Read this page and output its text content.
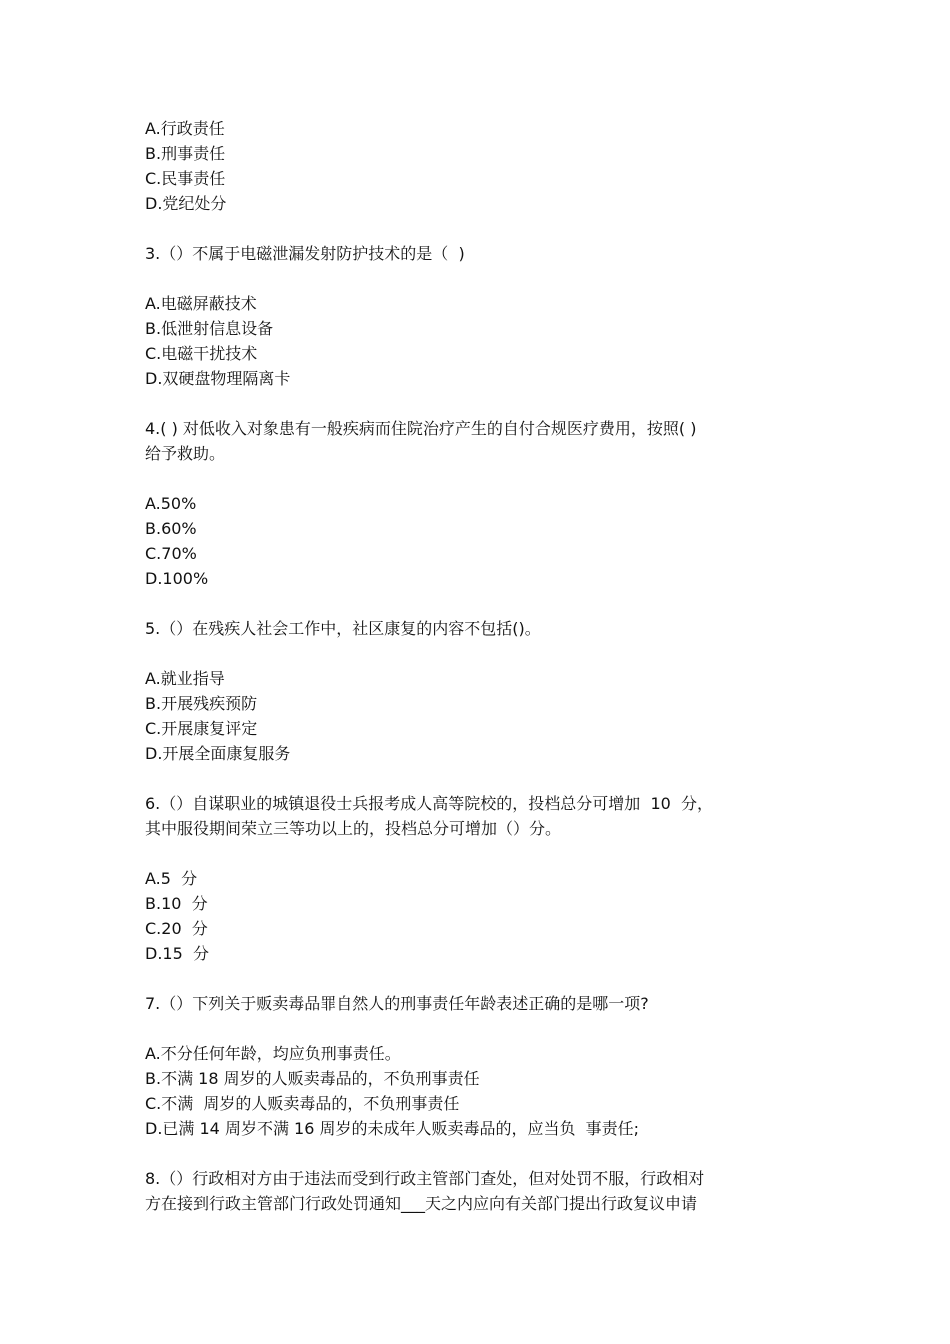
A.行政责任
B.刑事责任
C.民事责任
D.党纪处分
3.（）不属于电磁泄漏发射防护技术的是（  )
A.电磁屏蔽技术
B.低泄射信息设备
C.电磁干扰技术
D.双硬盘物理隔离卡
4.( ) 对低收入对象患有一般疾病而住院治疗产生的自付合规医疗费用，按照( )
给予救助。
A.50%
B.60%
C.70%
D.100%
5.（）在残疾人社会工作中，社区康复的内容不包括()。
A.就业指导
B.开展残疾预防
C.开展康复评定
D.开展全面康复服务
6.（）自谋职业的城镇退役士兵报考成人高等院校的，投档总分可增加  10  分，
其中服役期间荣立三等功以上的，投档总分可增加（）分。
A.5  分
B.10  分
C.20  分
D.15  分
7.（）下列关于贩卖毒品罪自然人的刑事责任年龄表述正确的是哪一项?
A.不分任何年龄，均应负刑事责任。
B.不满 18 周岁的人贩卖毒品的，不负刑事责任
C.不满  周岁的人贩卖毒品的，不负刑事责任
D.已满 14 周岁不满 16 周岁的未成年人贩卖毒品的，应当负  事责任;
8.（）行政相对方由于违法而受到行政主管部门查处，但对处罚不服，行政相对
方在接到行政主管部门行政处罚通知___天之内应向有关部门提出行政复议申请
